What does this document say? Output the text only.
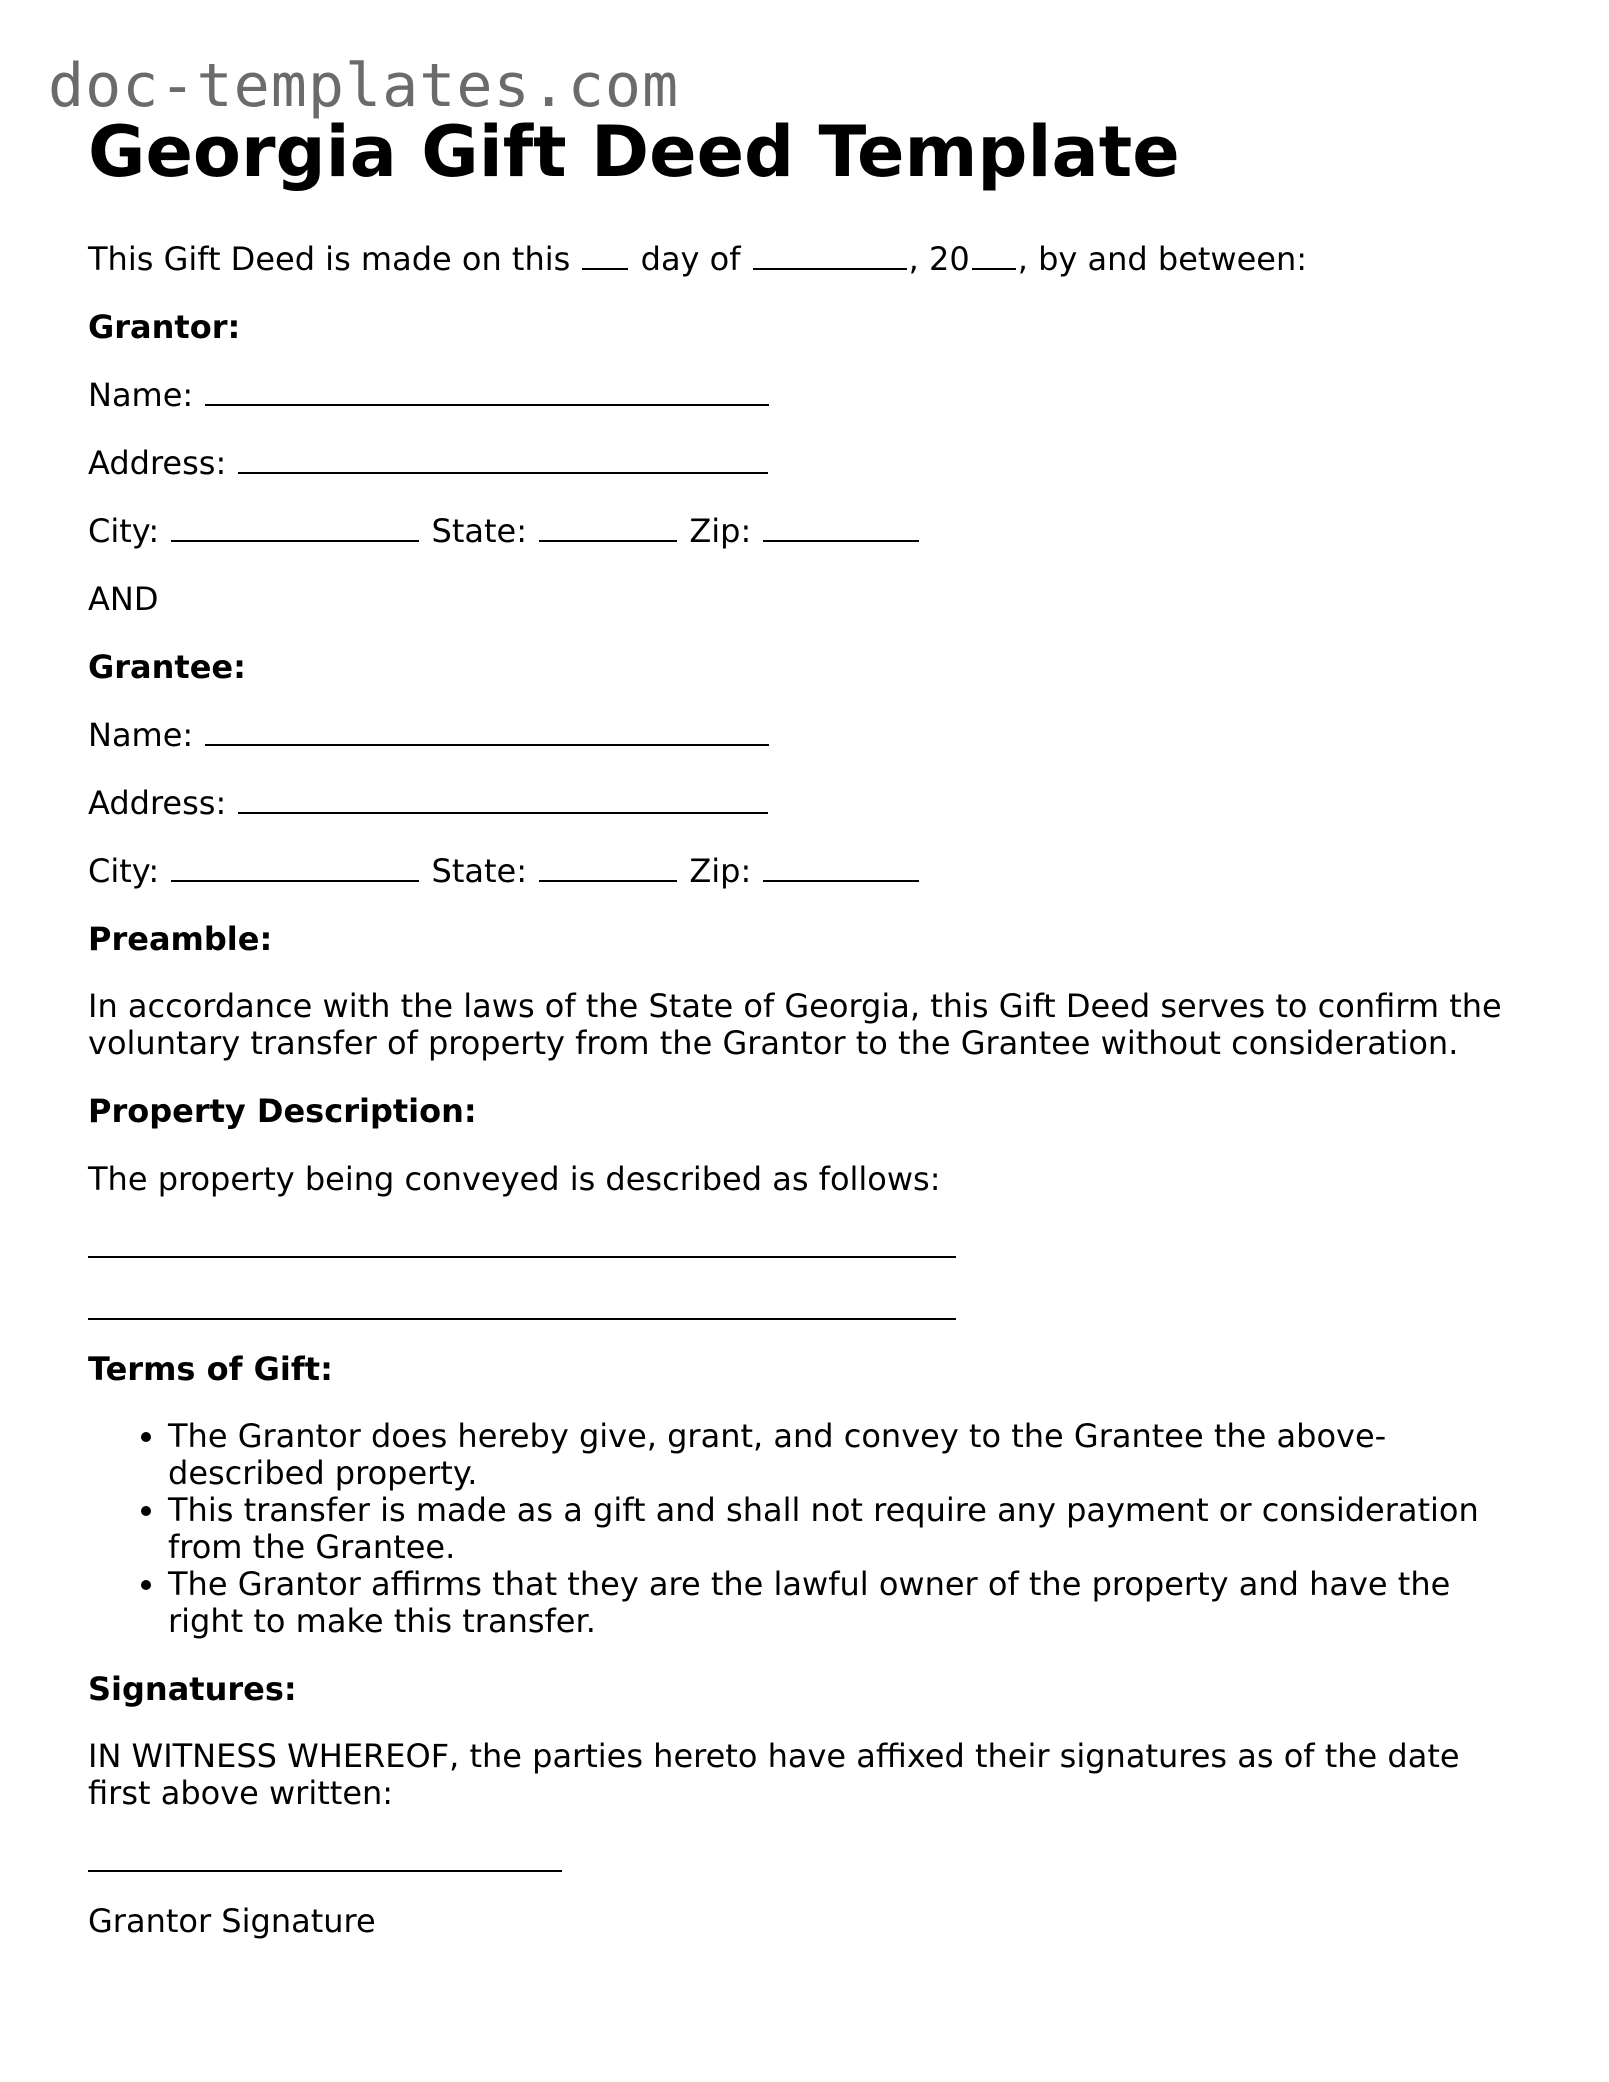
doc-templates.com
Georgia Gift Deed Template

This Gift Deed is made on this day of	, 20 , by and between:

Grantor:

Name:

Address:

City:	State:	Zip:

AND

Grantee:

Name:

Address:

City:	State:	Zip:

Preamble:

In accordance with the laws of the State of Georgia, this Gift Deed serves to confirm the voluntary transfer of property from the Grantor to the Grantee without consideration.

Property Description:

The property being conveyed is described as follows:

Terms of Gift:

• The Grantor does hereby give, grant, and convey to the Grantee the above-described property.
• This transfer is made as a gift and shall not require any payment or consideration from the Grantee.
• The Grantor affirms that they are the lawful owner of the property and have the right to make this transfer.

Signatures:

IN WITNESS WHEREOF, the parties hereto have affixed their signatures as of the date first above written:

Grantor Signature
